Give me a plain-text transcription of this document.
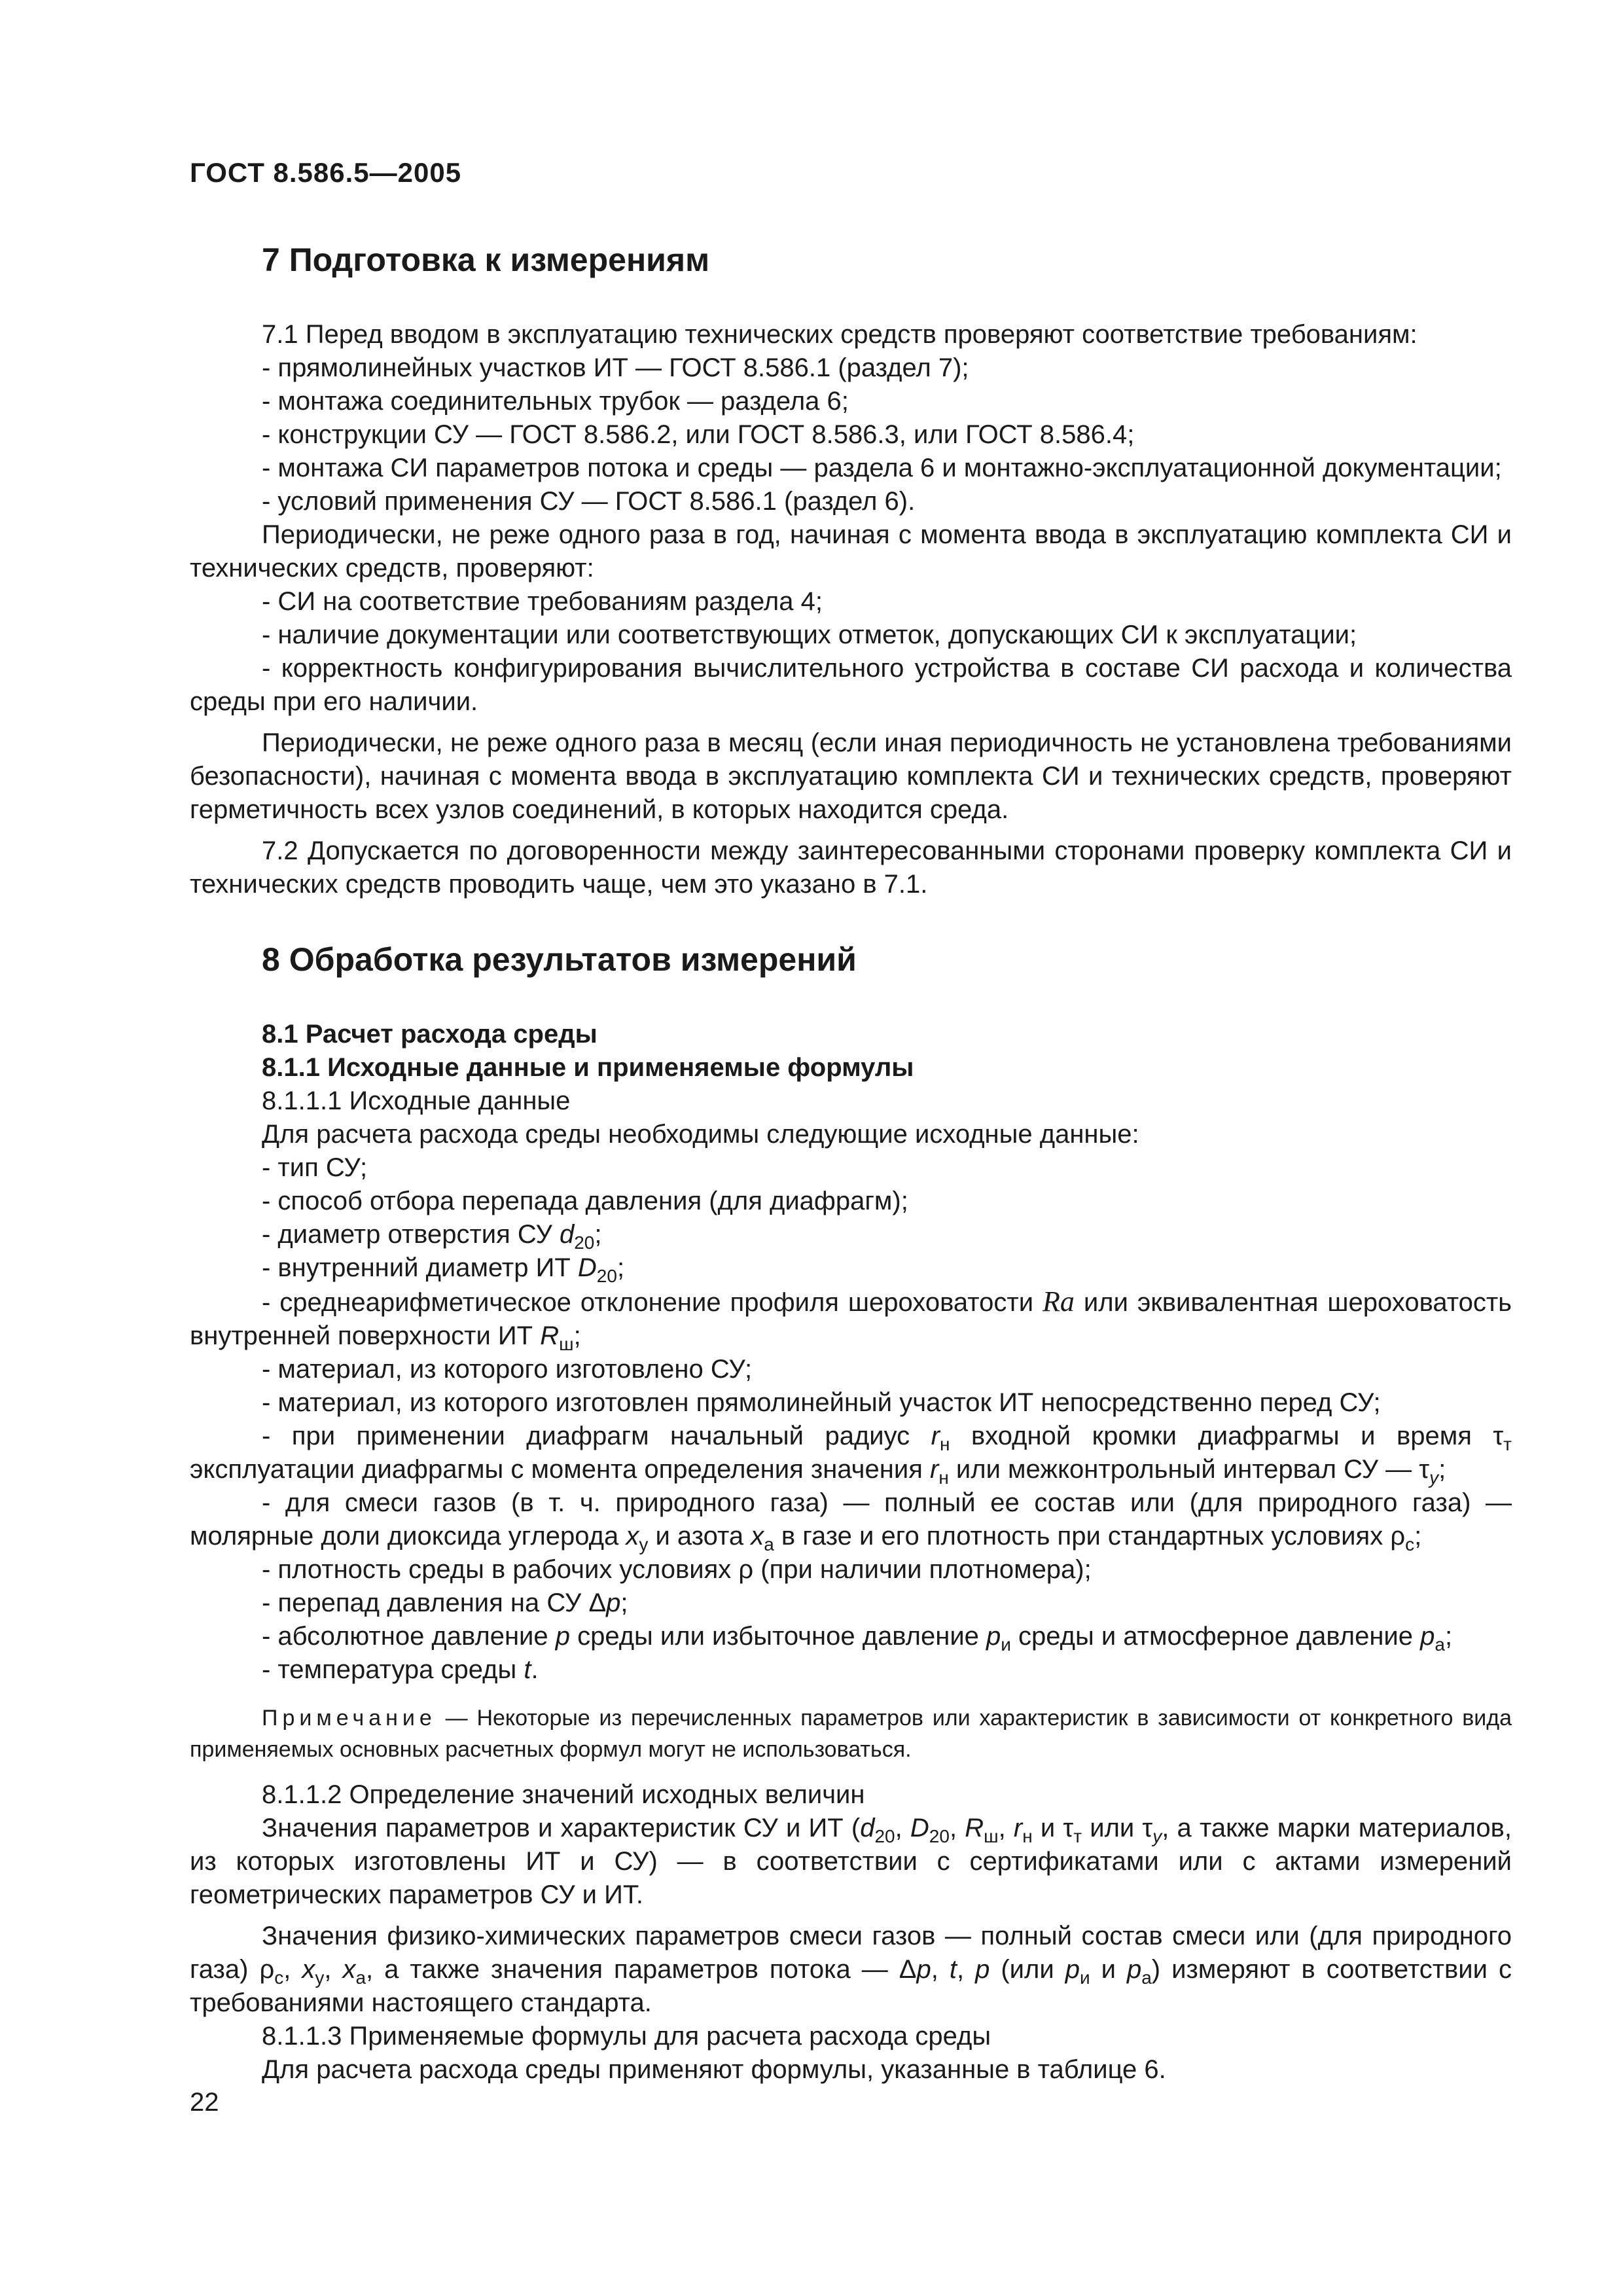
ГОСТ 8.586.5—2005
7 Подготовка к измерениям

7.1 Перед вводом в эксплуатацию технических средств проверяют соответствие требованиям:

- прямолинейных участков ИТ — ГОСТ 8.586.1 (раздел 7);

- монтажа соединительных трубок — раздела 6;

- конструкции СУ — ГОСТ 8.586.2, или ГОСТ 8.586.3, или ГОСТ 8.586.4;

- монтажа СИ параметров потока и среды — раздела 6 и монтажно-эксплуатационной документации;

- условий применения СУ — ГОСТ 8.586.1 (раздел 6).

Периодически, не реже одного раза в год, начиная с момента ввода в эксплуатацию комплекта СИ и технических средств, проверяют:

- СИ на соответствие требованиям раздела 4;

- наличие документации или соответствующих отметок, допускающих СИ к эксплуатации;

- корректность конфигурирования вычислительного устройства в составе СИ расхода и количества среды при его наличии.

Периодически, не реже одного раза в месяц (если иная периодичность не установлена требованиями безопасности), начиная с момента ввода в эксплуатацию комплекта СИ и технических средств, проверяют герметичность всех узлов соединений, в которых находится среда.

7.2 Допускается по договоренности между заинтересованными сторонами проверку комплекта СИ и технических средств проводить чаще, чем это указано в 7.1.

8 Обработка результатов измерений

8.1 Расчет расхода среды

8.1.1 Исходные данные и применяемые формулы

8.1.1.1 Исходные данные

Для расчета расхода среды необходимы следующие исходные данные:

- тип СУ;

- способ отбора перепада давления (для диафрагм);

- диаметр отверстия СУ $d_{20}$;

- внутренний диаметр ИТ $D_{20}$;

- среднеарифметическое отклонение профиля шероховатости Ra или эквивалентная шероховатость внутренней поверхности ИТ $R_ш$;

- материал, из которого изготовлено СУ;

- материал, из которого изготовлен прямолинейный участок ИТ непосредственно перед СУ;

- при применении диафрагм начальный радиус $r_н$ входной кромки диафрагмы и время $\tau_т$ эксплуатации диафрагмы с момента определения значения $r_н$ или межконтрольный интервал СУ — $\tau_y$;

- для смеси газов (в т. ч. природного газа) — полный ее состав или (для природного газа) — молярные доли диоксида углерода $x_y$ и азота $x_a$ в газе и его плотность при стандартных условиях $\rho_c$;

- плотность среды в рабочих условиях ρ (при наличии плотномера);

- перепад давления на СУ Δp;

- абсолютное давление p среды или избыточное давление $p_и$ среды и атмосферное давление $p_a$;

- температура среды t.

Примечание — Некоторые из перечисленных параметров или характеристик в зависимости от конкретного вида применяемых основных расчетных формул могут не использоваться.

8.1.1.2 Определение значений исходных величин

Значения параметров и характеристик СУ и ИТ ($d_{20}$, $D_{20}$, $R_ш$, $r_н$ и $\tau_т$ или $\tau_y$, а также марки материалов, из которых изготовлены ИТ и СУ) — в соответствии с сертификатами или с актами измерений геометрических параметров СУ и ИТ.

Значения физико-химических параметров смеси газов — полный состав смеси или (для природного газа) $\rho_c$, $x_y$, $x_a$, а также значения параметров потока — Δp, t, p (или $p_и$ и $p_a$) измеряют в соответствии с требованиями настоящего стандарта.

8.1.1.3 Применяемые формулы для расчета расхода среды

Для расчета расхода среды применяют формулы, указанные в таблице 6.

22
